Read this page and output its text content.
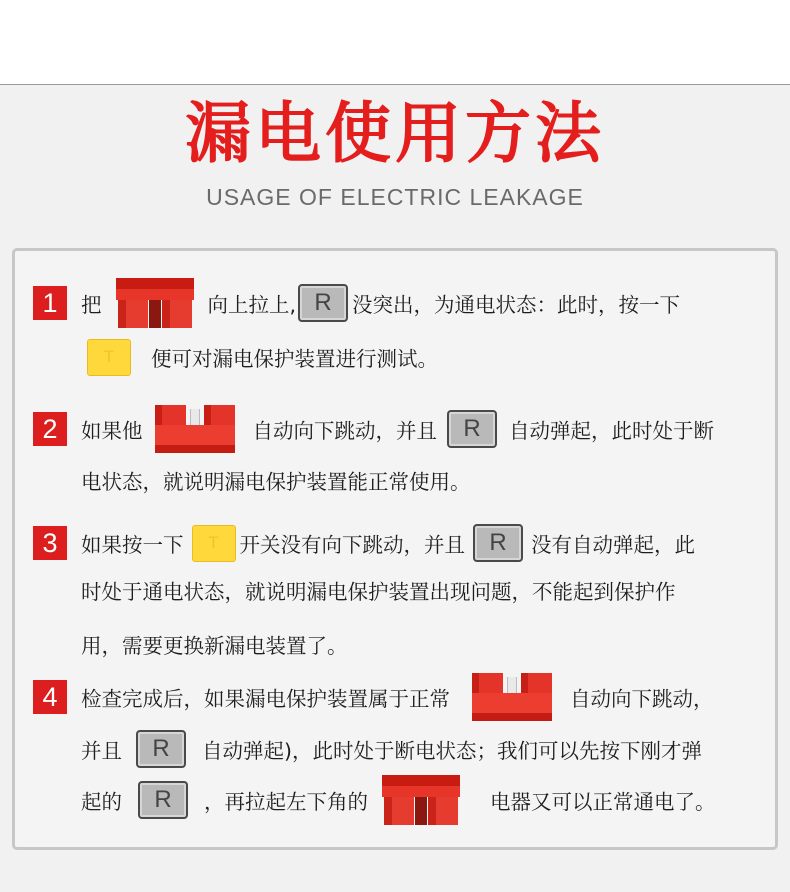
漏电使用方法
USAGE OF ELECTRIC LEAKAGE
1	把	向上拉上, R 没突出，为通电状态：此时，按一下
T	便可对漏电保护装置进行测试。
2	如果他	自动向下跳动，并且	R	自动弹起，此时处于断
电状态，就说明漏电保护装置能正常使用。
3	如果按一下	T	开关没有向下跳动，并且	R	没有自动弹起，此
时处于通电状态，就说明漏电保护装置出现问题，不能起到保护作
用，需要更换新漏电装置了。
4	检查完成后，如果漏电保护装置属于正常	自动向下跳动，
并且	R	自动弹起)，此时处于断电状态；我们可以先按下刚才弹
起的	R	，再拉起左下角的	电器又可以正常通电了。
